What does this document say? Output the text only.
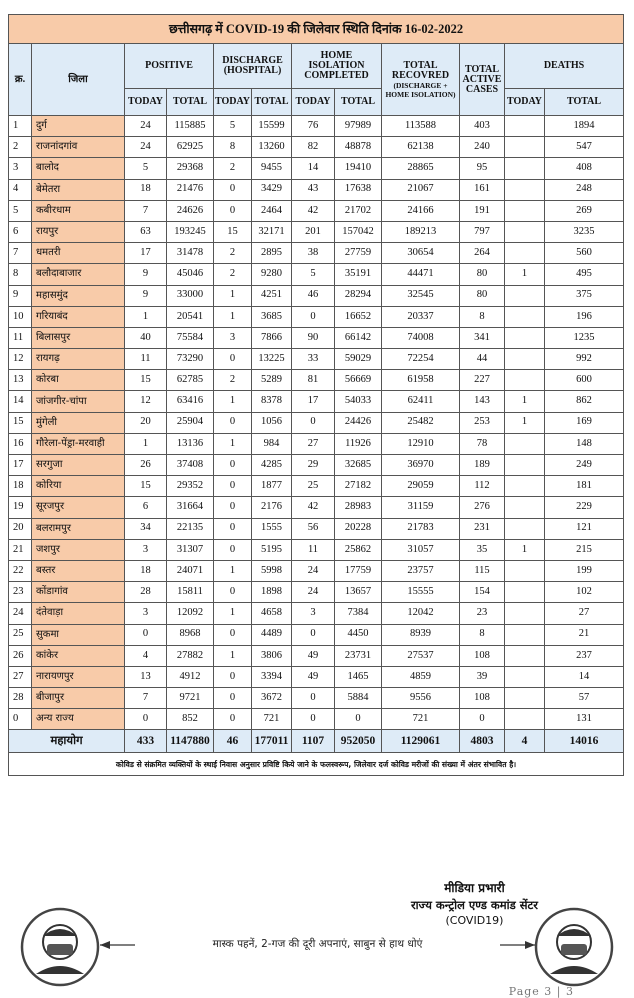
छत्तीसगढ़ में COVID-19 की जिलेवार स्थिति दिनांक 16-02-2022											
क्र.	जिला	POSITIVE		DISCHARGE (HOSPITAL)		HOME ISOLATION COMPLETED		TOTAL RECOVRED
(DISCHARGE + HOME ISOLATION)	TOTAL ACTIVE CASES	DEATHS	
		TODAY	TOTAL	TODAY	TOTAL	TODAY	TOTAL			TODAY	TOTAL
1	दुर्ग	24	115885	5	15599	76	97989	113588	403		1894
2	राजनांदगांव	24	62925	8	13260	82	48878	62138	240		547
3	बालोद	5	29368	2	9455	14	19410	28865	95		408
4	बेमेतरा	18	21476	0	3429	43	17638	21067	161		248
5	कबीरधाम	7	24626	0	2464	42	21702	24166	191		269
6	रायपुर	63	193245	15	32171	201	157042	189213	797		3235
7	धमतरी	17	31478	2	2895	38	27759	30654	264		560
8	बलौदाबाजार	9	45046	2	9280	5	35191	44471	80	1	495
9	महासमुंद	9	33000	1	4251	46	28294	32545	80		375
10	गरियाबंद	1	20541	1	3685	0	16652	20337	8		196
11	बिलासपुर	40	75584	3	7866	90	66142	74008	341		1235
12	रायगढ़	11	73290	0	13225	33	59029	72254	44		992
13	कोरबा	15	62785	2	5289	81	56669	61958	227		600
14	जांजगीर-चांपा	12	63416	1	8378	17	54033	62411	143	1	862
15	मुंगेली	20	25904	0	1056	0	24426	25482	253	1	169
16	गौरेला-पेंड्रा-मरवाही	1	13136	1	984	27	11926	12910	78		148
17	सरगुजा	26	37408	0	4285	29	32685	36970	189		249
18	कोरिया	15	29352	0	1877	25	27182	29059	112		181
19	सूरजपुर	6	31664	0	2176	42	28983	31159	276		229
20	बलरामपुर	34	22135	0	1555	56	20228	21783	231		121
21	जशपुर	3	31307	0	5195	11	25862	31057	35	1	215
22	बस्तर	18	24071	1	5998	24	17759	23757	115		199
23	कोंडागांव	28	15811	0	1898	24	13657	15555	154		102
24	दंतेवाड़ा	3	12092	1	4658	3	7384	12042	23		27
25	सुकमा	0	8968	0	4489	0	4450	8939	8		21
26	कांकेर	4	27882	1	3806	49	23731	27537	108		237
27	नारायणपुर	13	4912	0	3394	49	1465	4859	39		14
28	बीजापुर	7	9721	0	3672	0	5884	9556	108		57
0	अन्य राज्य	0	852	0	721	0	0	721	0		131
महायोग		433	1147880	46	177011	1107	952050	1129061	4803	4	14016
कोविड से संक्रमित व्यक्तियों के स्थाई निवास अनुसार प्रविष्टि किये जाने के फलस्वरूप, जिलेवार दर्ज कोविड मरीजों की संख्या में अंतर संभावित है।											
मीडिया प्रभारी
राज्य कन्ट्रोल एण्ड कमांड सेंटर
(COVID19)
मास्क पहनें, 2-गज की दूरी अपनाएं, साबुन से हाथ धोएं
Page 3 | 3
